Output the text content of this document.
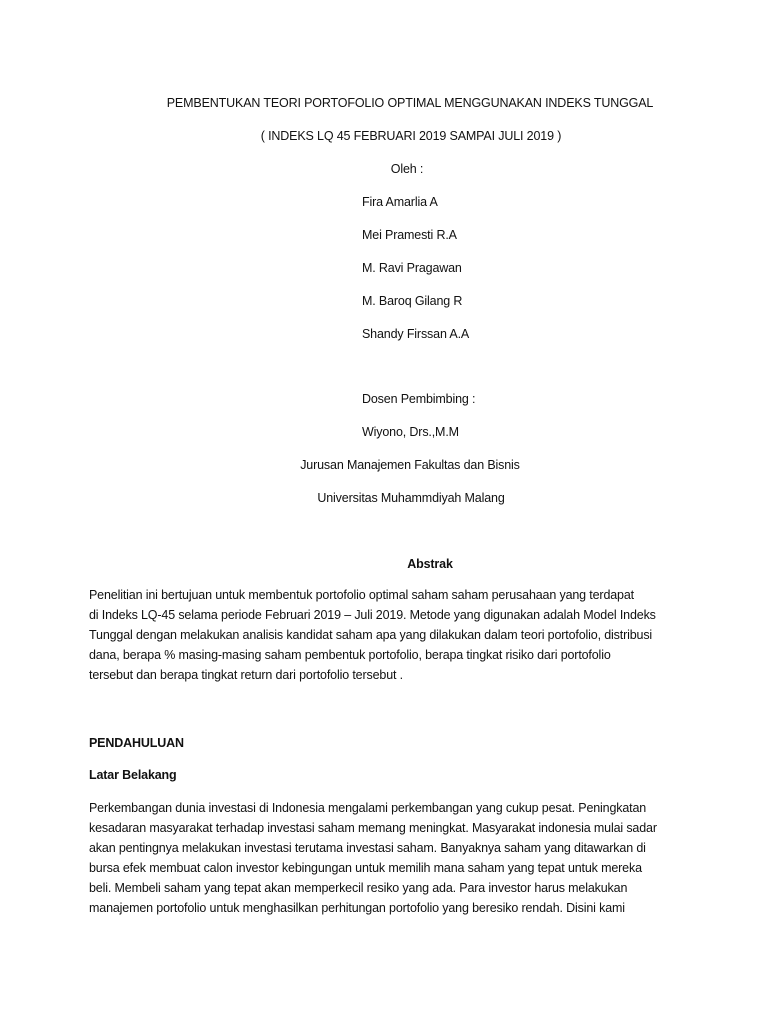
PEMBENTUKAN TEORI PORTOFOLIO OPTIMAL MENGGUNAKAN INDEKS TUNGGAL
( INDEKS LQ 45 FEBRUARI 2019 SAMPAI JULI 2019 )
Oleh :
Fira Amarlia A
Mei Pramesti R.A
M. Ravi Pragawan
M. Baroq Gilang R
Shandy Firssan A.A
Dosen Pembimbing :
Wiyono, Drs.,M.M
Jurusan Manajemen Fakultas dan Bisnis
Universitas Muhammdiyah Malang
Abstrak
Penelitian ini bertujuan untuk membentuk portofolio optimal saham saham perusahaan yang terdapat
di Indeks LQ-45 selama periode Februari 2019 – Juli 2019. Metode yang digunakan adalah Model Indeks
Tunggal dengan melakukan analisis kandidat saham apa yang dilakukan dalam teori portofolio, distribusi
dana, berapa % masing-masing saham pembentuk portofolio, berapa tingkat risiko dari portofolio
tersebut dan berapa tingkat return dari portofolio tersebut .
PENDAHULUAN
Latar Belakang
Perkembangan dunia investasi di Indonesia mengalami perkembangan yang cukup pesat. Peningkatan
kesadaran masyarakat terhadap investasi saham memang meningkat. Masyarakat indonesia mulai sadar
akan pentingnya melakukan investasi terutama investasi saham. Banyaknya saham yang ditawarkan di
bursa efek membuat calon investor kebingungan untuk memilih mana saham yang tepat untuk mereka
beli. Membeli saham yang tepat akan memperkecil resiko yang ada. Para investor harus melakukan
manajemen portofolio untuk menghasilkan perhitungan portofolio yang beresiko rendah. Disini kami
